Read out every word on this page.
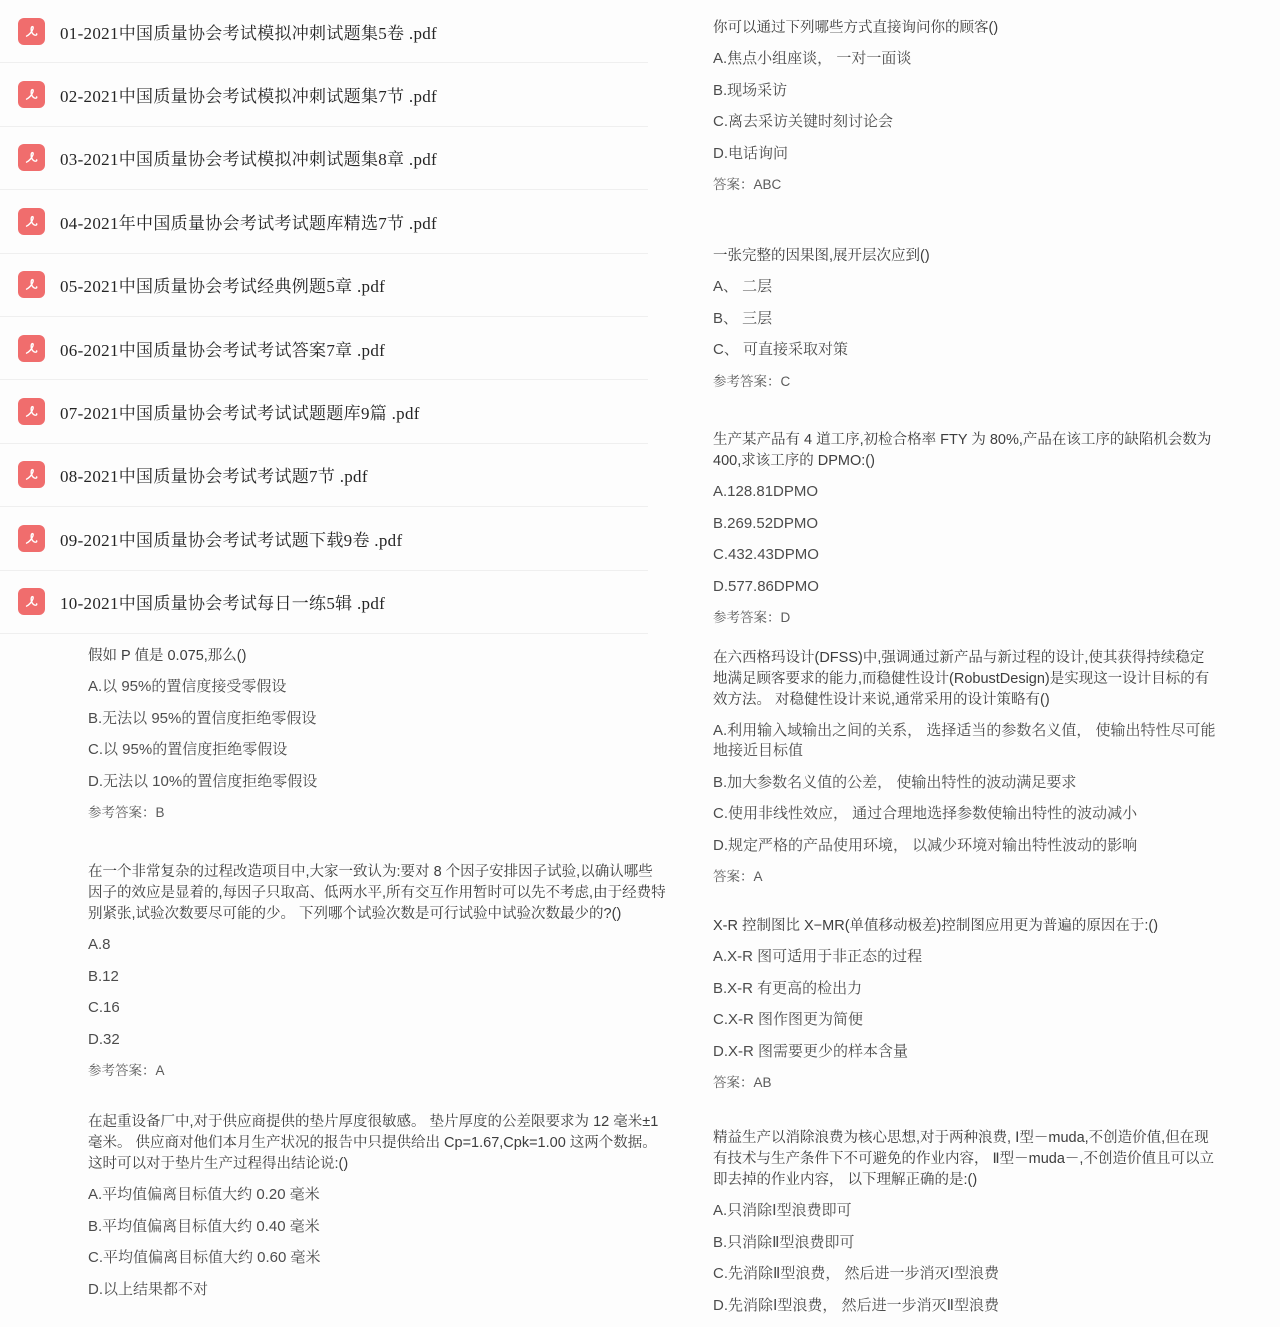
01-2021中国质量协会考试模拟冲刺试题集5卷 .pdf
02-2021中国质量协会考试模拟冲刺试题集7节 .pdf
03-2021中国质量协会考试模拟冲刺试题集8章 .pdf
04-2021年中国质量协会考试考试题库精选7节 .pdf
05-2021中国质量协会考试经典例题5章 .pdf
06-2021中国质量协会考试考试答案7章 .pdf
07-2021中国质量协会考试考试试题题库9篇 .pdf
08-2021中国质量协会考试考试题7节 .pdf
09-2021中国质量协会考试考试题下载9卷 .pdf
10-2021中国质量协会考试每日一练5辑 .pdf

假如 P 值是 0.075,那么()

A.以 95%的置信度接受零假设

B.无法以 95%的置信度拒绝零假设

C.以 95%的置信度拒绝零假设

D.无法以 10%的置信度拒绝零假设

参考答案：B

在一个非常复杂的过程改造项目中,大家一致认为:要对 8 个因子安排因子试验,以确认哪些因子的效应是显着的,每因子只取高、低两水平,所有交互作用暂时可以先不考虑,由于经费特别紧张,试验次数要尽可能的少。 下列哪个试验次数是可行试验中试验次数最少的?()

A.8

B.12

C.16

D.32

参考答案：A

在起重设备厂中,对于供应商提供的垫片厚度很敏感。 垫片厚度的公差限要求为 12 毫米±1 毫米。 供应商对他们本月生产状况的报告中只提供给出 Cp=1.67,Cpk=1.00 这两个数据。 这时可以对于垫片生产过程得出结论说:()

A.平均值偏离目标值大约 0.20 毫米

B.平均值偏离目标值大约 0.40 毫米

C.平均值偏离目标值大约 0.60 毫米

D.以上结果都不对

你可以通过下列哪些方式直接询问你的顾客()

A.焦点小组座谈， 一对一面谈

B.现场采访

C.离去采访关键时刻讨论会

D.电话询问

答案：ABC

一张完整的因果图,展开层次应到()

A、 二层

B、 三层

C、 可直接采取对策

参考答案：C

生产某产品有 4 道工序,初检合格率 FTY 为 80%,产品在该工序的缺陷机会数为 400,求该工序的 DPMO:()

A.128.81DPMO

B.269.52DPMO

C.432.43DPMO

D.577.86DPMO

参考答案：D

在六西格玛设计(DFSS)中,强调通过新产品与新过程的设计,使其获得持续稳定地满足顾客要求的能力,而稳健性设计(RobustDesign)是实现这一设计目标的有效方法。 对稳健性设计来说,通常采用的设计策略有()

A.利用输入域输出之间的关系， 选择适当的参数名义值， 使输出特性尽可能地接近目标值

B.加大参数名义值的公差， 使输出特性的波动满足要求

C.使用非线性效应， 通过合理地选择参数使输出特性的波动减小

D.规定严格的产品使用环境， 以减少环境对输出特性波动的影响

答案：A

X-R 控制图比 X−MR(单值移动极差)控制图应用更为普遍的原因在于:()

A.X-R 图可适用于非正态的过程

B.X-R 有更高的检出力

C.X-R 图作图更为简便

D.X-R 图需要更少的样本含量

答案：AB

精益生产以消除浪费为核心思想,对于两种浪费, Ⅰ型－muda,不创造价值,但在现有技术与生产条件下不可避免的作业内容， Ⅱ型－muda－,不创造价值且可以立即去掉的作业内容， 以下理解正确的是:()

A.只消除Ⅰ型浪费即可

B.只消除Ⅱ型浪费即可

C.先消除Ⅱ型浪费， 然后进一步消灭Ⅰ型浪费

D.先消除Ⅰ型浪费， 然后进一步消灭Ⅱ型浪费
